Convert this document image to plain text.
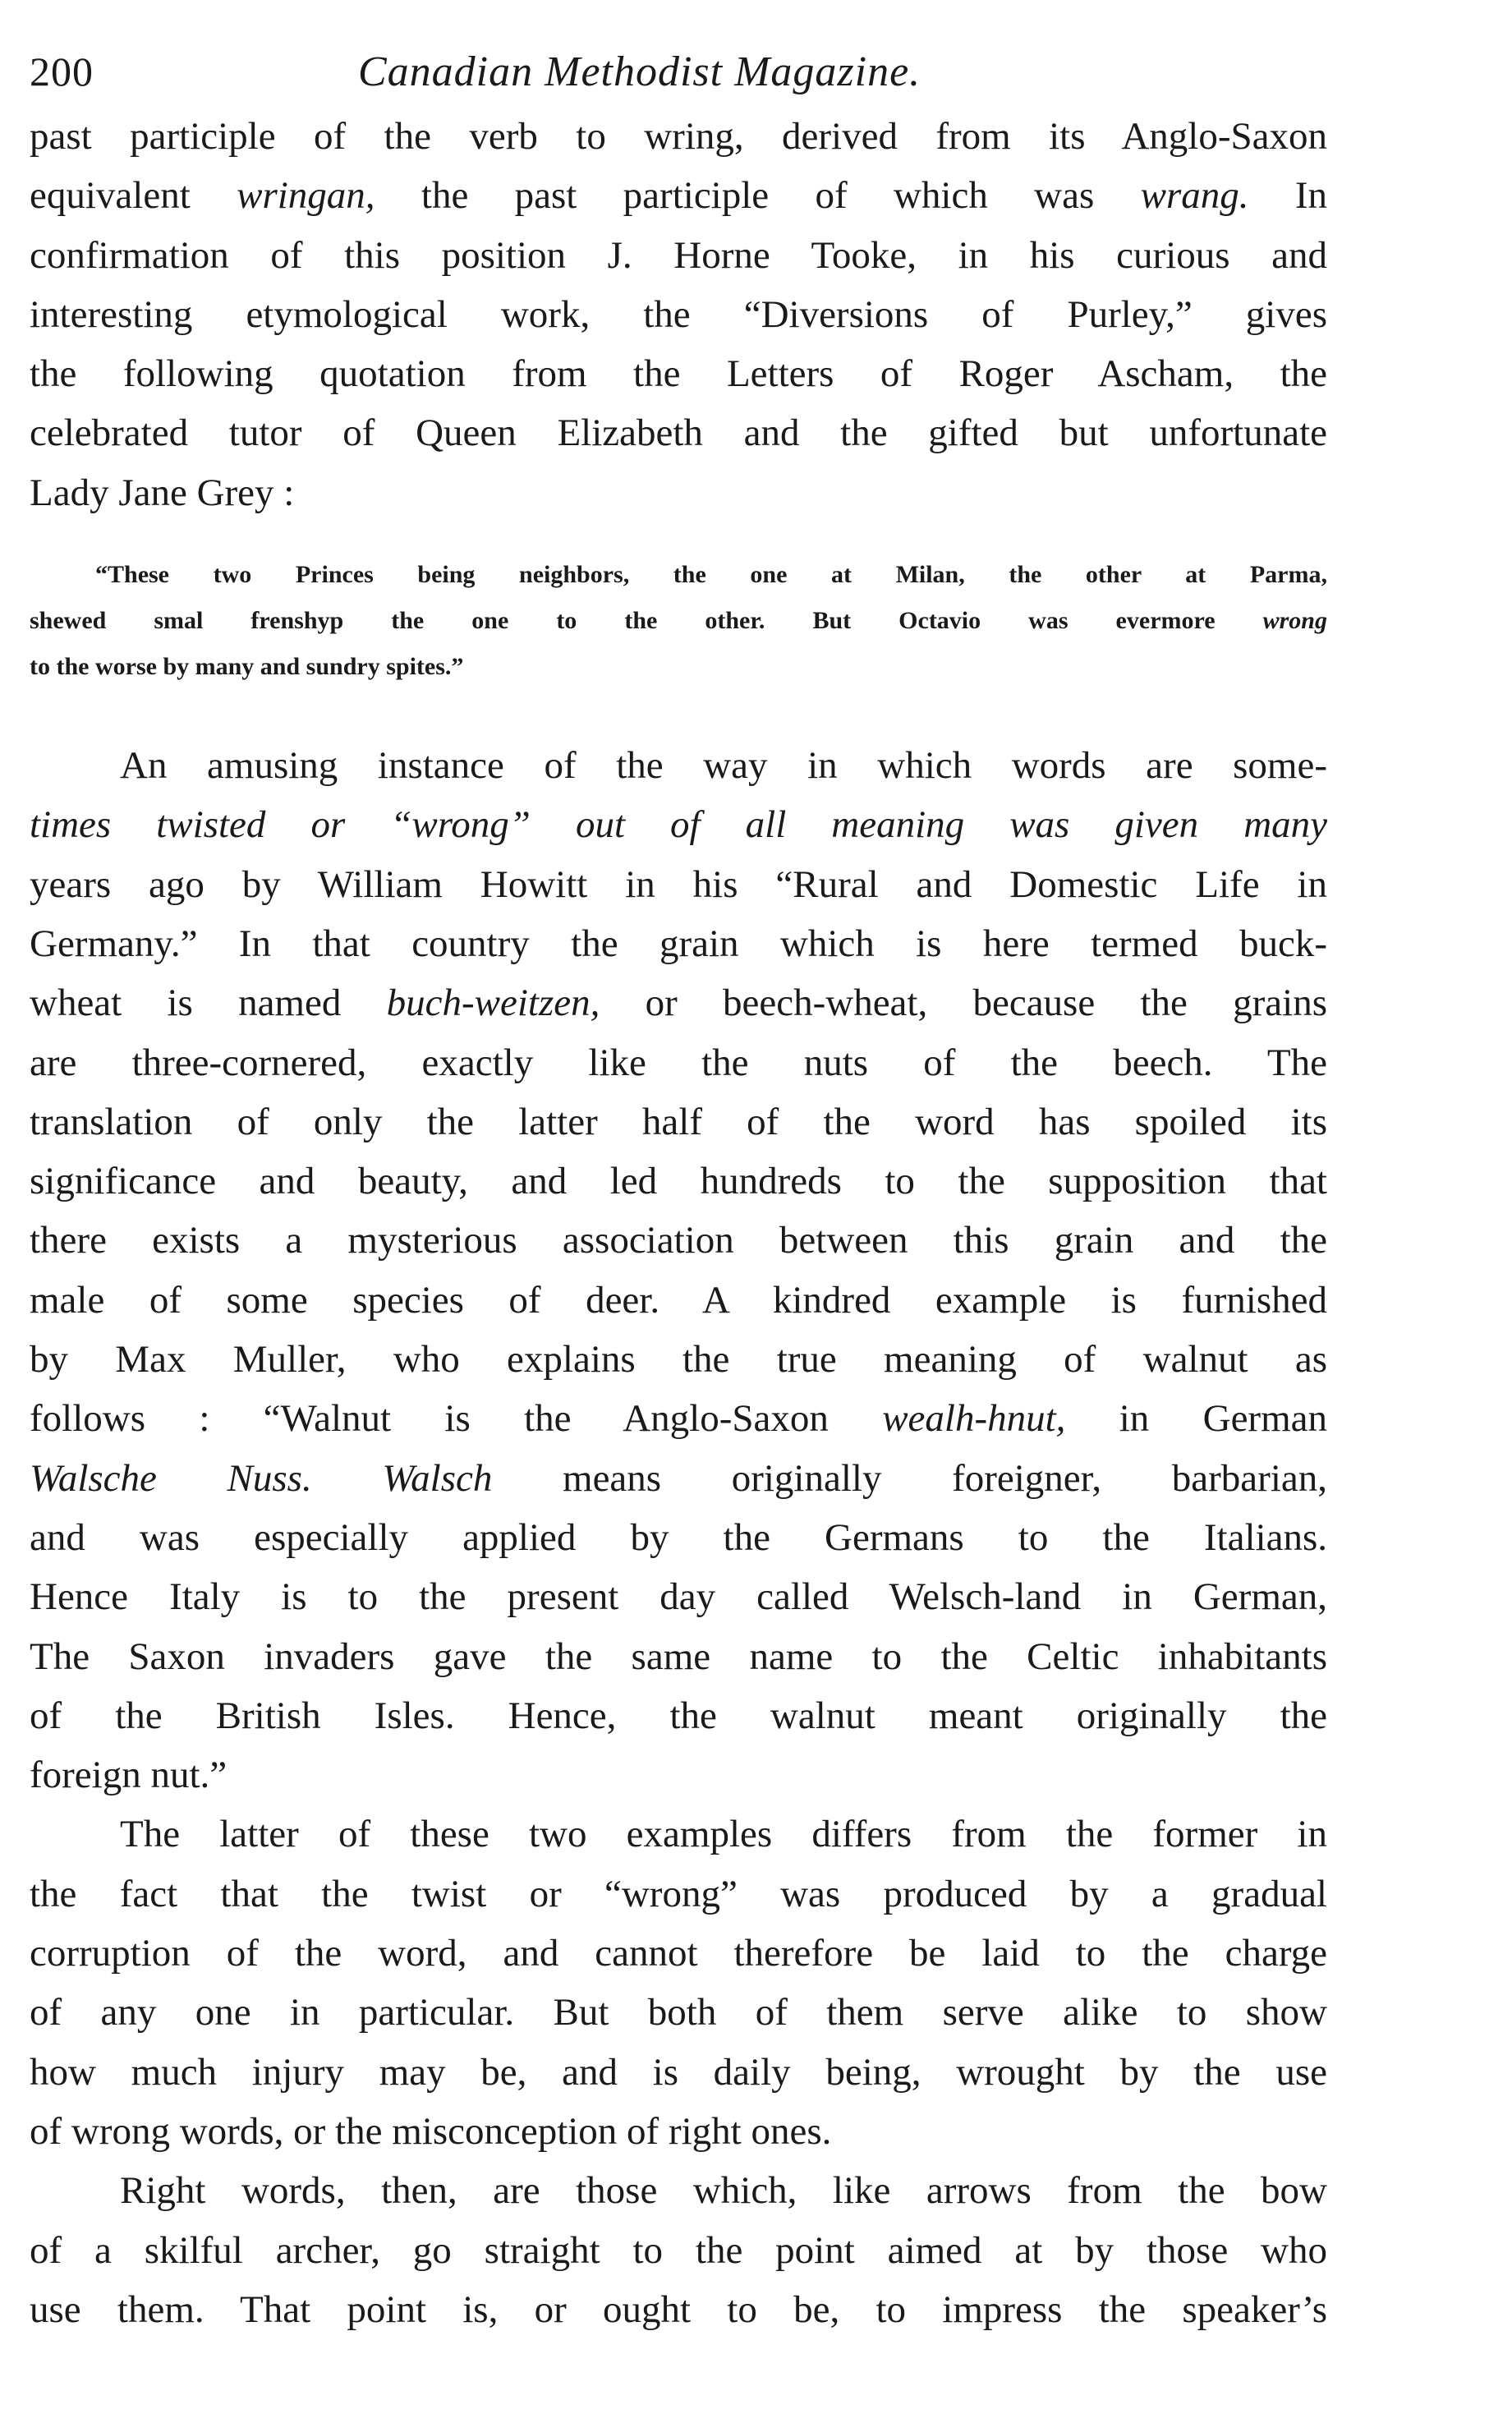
200	Canadian Methodist Magazine.
past participle of the verb to wring, derived from its Anglo-Saxon
equivalent wringan, the past participle of which was wrang. In
confirmation of this position J. Horne Tooke, in his curious and
interesting etymological work, the “Diversions of Purley,” gives
the following quotation from the Letters of Roger Ascham, the
celebrated tutor of Queen Elizabeth and the gifted but unfortunate
Lady Jane Grey :
“These two Princes being neighbors, the one at Milan, the other at Parma,
shewed smal frenshyp the one to the other. But Octavio was evermore wrong
to the worse by many and sundry spites.”
An amusing instance of the way in which words are some-
times twisted or “wrong” out of all meaning was given many
years ago by William Howitt in his “Rural and Domestic Life in
Germany.” In that country the grain which is here termed buck-
wheat is named buch-weitzen, or beech-wheat, because the grains
are three-cornered, exactly like the nuts of the beech. The
translation of only the latter half of the word has spoiled its
significance and beauty, and led hundreds to the supposition that
there exists a mysterious association between this grain and the
male of some species of deer. A kindred example is furnished
by Max Muller, who explains the true meaning of walnut as
follows : “Walnut is the Anglo-Saxon wealh-hnut, in German
Walsche Nuss. Walsch means originally foreigner, barbarian,
and was especially applied by the Germans to the Italians.
Hence Italy is to the present day called Welsch-land in German,
The Saxon invaders gave the same name to the Celtic inhabitants
of the British Isles. Hence, the walnut meant originally the
foreign nut.”
The latter of these two examples differs from the former in
the fact that the twist or “wrong” was produced by a gradual
corruption of the word, and cannot therefore be laid to the charge
of any one in particular. But both of them serve alike to show
how much injury may be, and is daily being, wrought by the use
of wrong words, or the misconception of right ones.
Right words, then, are those which, like arrows from the bow
of a skilful archer, go straight to the point aimed at by those who
use them. That point is, or ought to be, to impress the speaker’s
